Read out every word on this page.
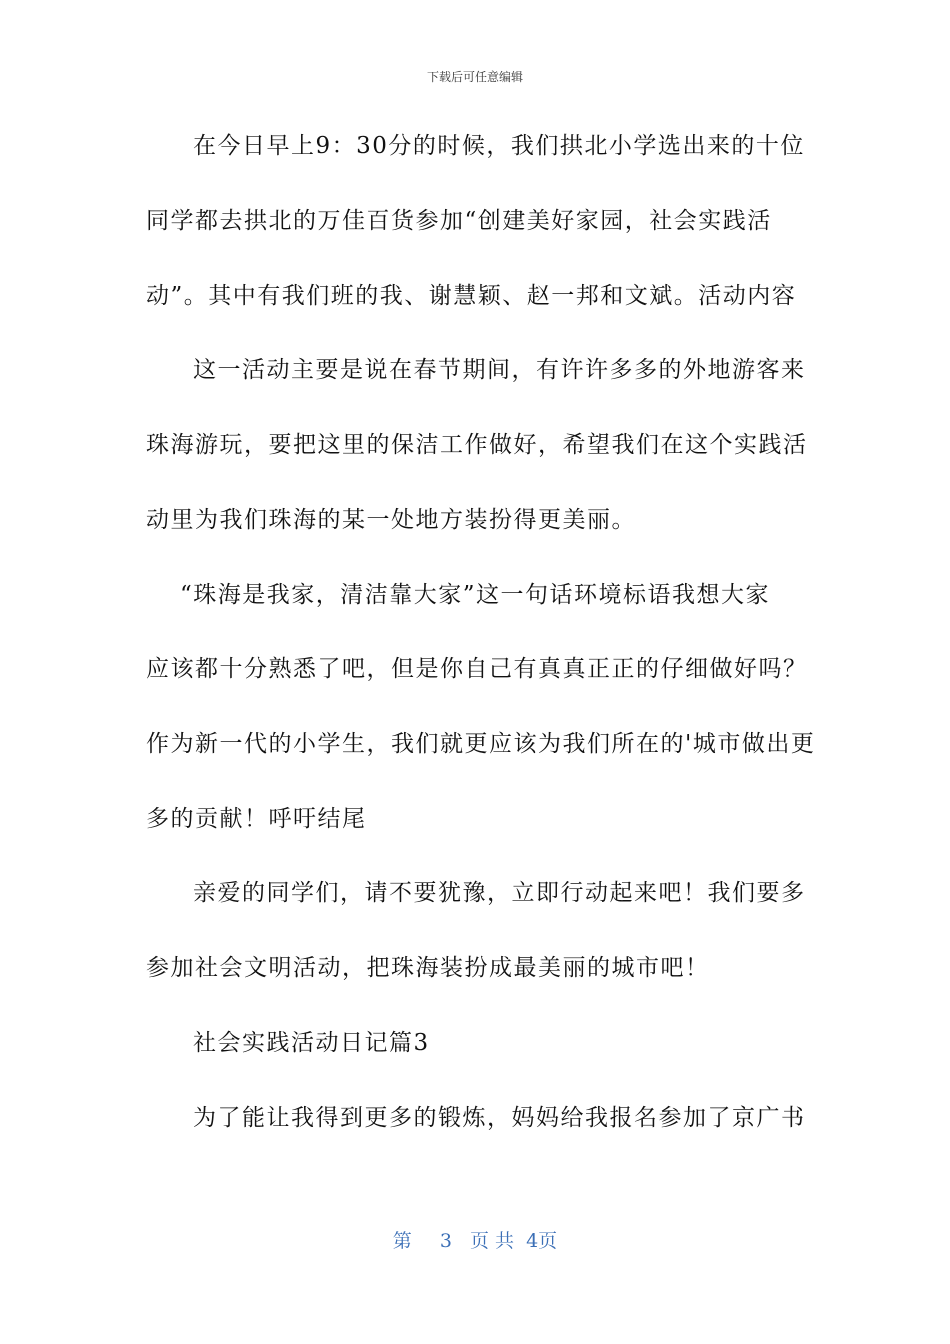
下载后可任意编辑
在今日早上9：30分的时候，我们拱北小学选出来的十位
同学都去拱北的万佳百货参加“创建美好家园，社会实践活
动”。其中有我们班的我、谢慧颖、赵一邦和文斌。活动内容
这一活动主要是说在春节期间，有许许多多的外地游客来
珠海游玩，要把这里的保洁工作做好，希望我们在这个实践活
动里为我们珠海的某一处地方装扮得更美丽。
“珠海是我家，清洁靠大家”这一句话环境标语我想大家
应该都十分熟悉了吧，但是你自己有真真正正的仔细做好吗？
作为新一代的小学生，我们就更应该为我们所在的'城市做出更
多的贡献！呼吁结尾
亲爱的同学们，请不要犹豫，立即行动起来吧！我们要多
参加社会文明活动，把珠海装扮成最美丽的城市吧！
社会实践活动日记篇3
为了能让我得到更多的锻炼，妈妈给我报名参加了京广书
第 3 页 共 4页
